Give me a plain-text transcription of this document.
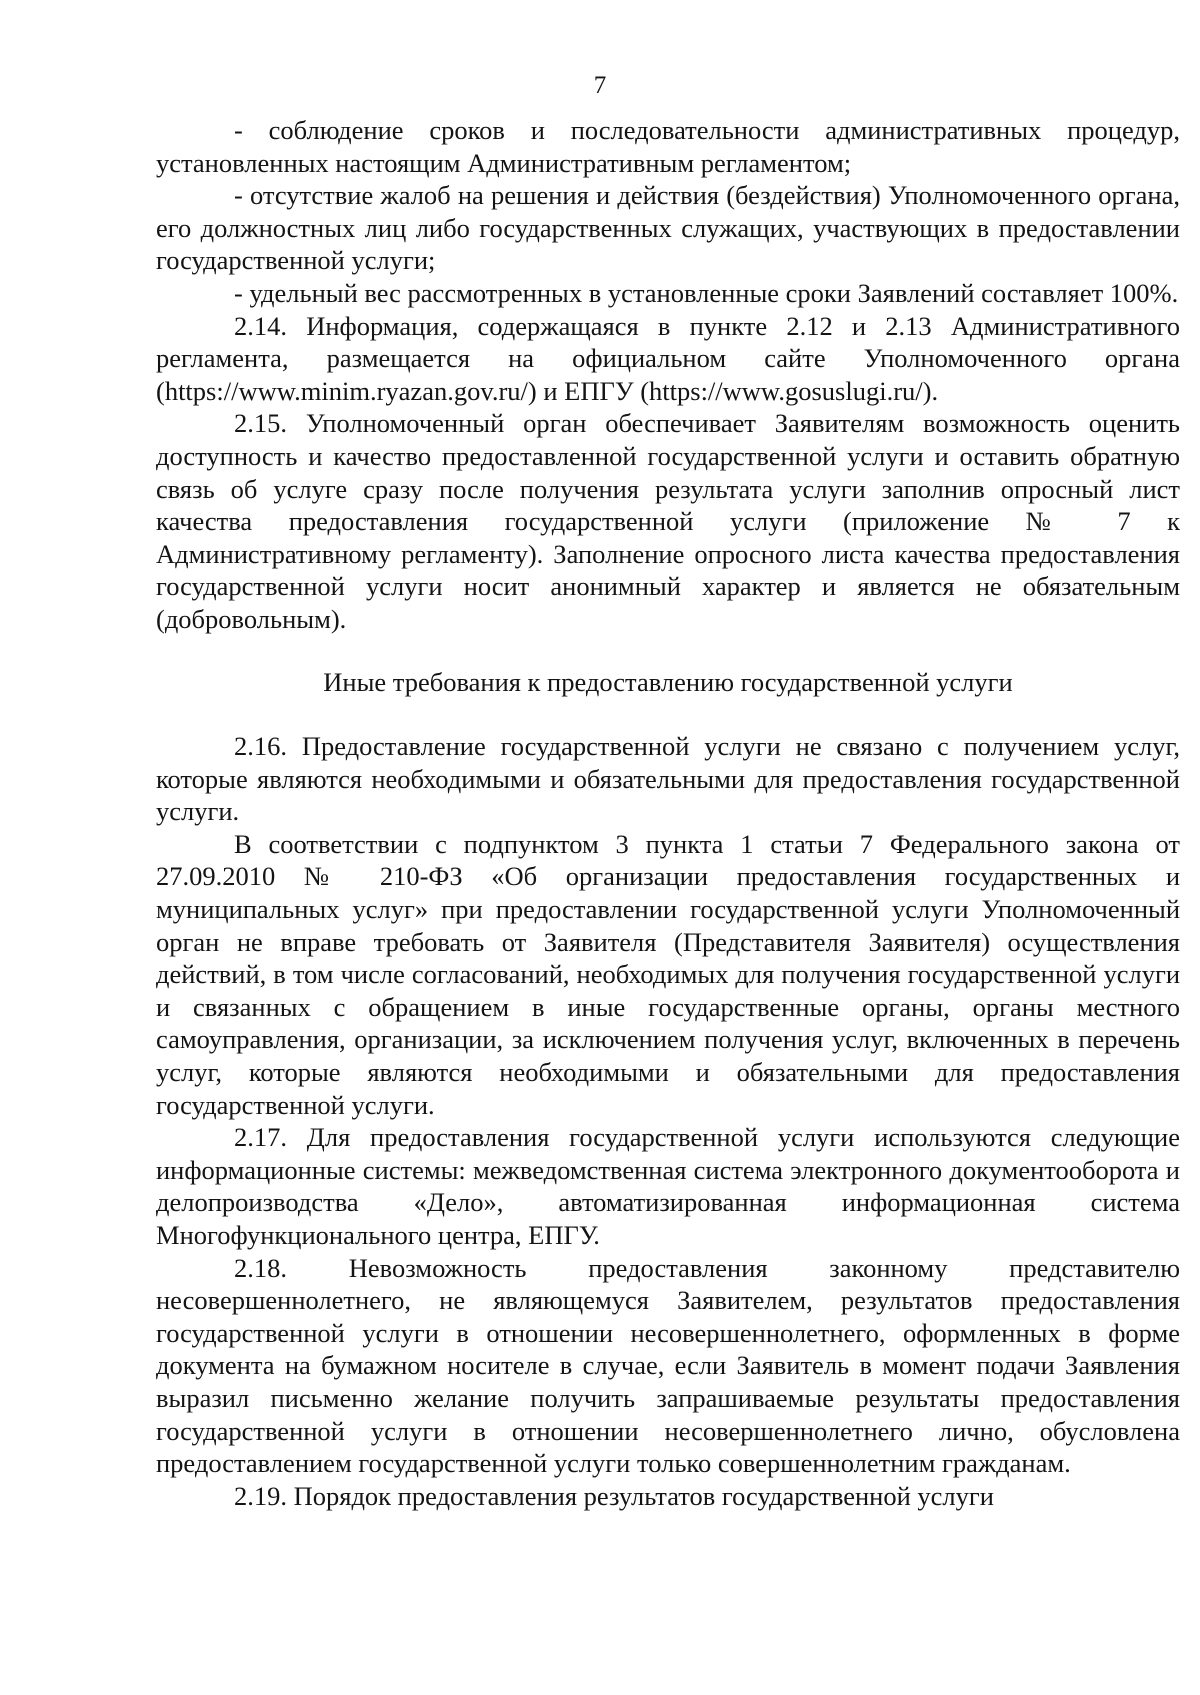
7

- соблюдение сроков и последовательности административных процедур, установленных настоящим Административным регламентом;

- отсутствие жалоб на решения и действия (бездействия) Уполномоченного органа, его должностных лиц либо государственных служащих, участвующих в предоставлении государственной услуги;

- удельный вес рассмотренных в установленные сроки Заявлений составляет 100%.

2.14. Информация, содержащаяся в пункте 2.12 и 2.13 Административного регламента, размещается на официальном сайте Уполномоченного органа (https://www.minim.ryazan.gov.ru/) и ЕПГУ (https://www.gosuslugi.ru/).

2.15. Уполномоченный орган обеспечивает Заявителям возможность оценить доступность и качество предоставленной государственной услуги и оставить обратную связь об услуге сразу после получения результата услуги заполнив опросный лист качества предоставления государственной услуги (приложение № 7 к Административному регламенту). Заполнение опросного листа качества предоставления государственной услуги носит анонимный характер и является не обязательным (добровольным).

Иные требования к предоставлению государственной услуги

2.16. Предоставление государственной услуги не связано с получением услуг, которые являются необходимыми и обязательными для предоставления государственной услуги.

В соответствии с подпунктом 3 пункта 1 статьи 7 Федерального закона от 27.09.2010 № 210-ФЗ «Об организации предоставления государственных и муниципальных услуг» при предоставлении государственной услуги Уполномоченный орган не вправе требовать от Заявителя (Представителя Заявителя) осуществления действий, в том числе согласований, необходимых для получения государственной услуги и связанных с обращением в иные государственные органы, органы местного самоуправления, организации, за исключением получения услуг, включенных в перечень услуг, которые являются необходимыми и обязательными для предоставления государственной услуги.

2.17. Для предоставления государственной услуги используются следующие информационные системы: межведомственная система электронного документооборота и делопроизводства «Дело», автоматизированная информационная система Многофункционального центра, ЕПГУ.

2.18. Невозможность предоставления законному представителю несовершеннолетнего, не являющемуся Заявителем, результатов предоставления государственной услуги в отношении несовершеннолетнего, оформленных в форме документа на бумажном носителе в случае, если Заявитель в момент подачи Заявления выразил письменно желание получить запрашиваемые результаты предоставления государственной услуги в отношении несовершеннолетнего лично, обусловлена предоставлением государственной услуги только совершеннолетним гражданам.

2.19. Порядок предоставления результатов государственной услуги
